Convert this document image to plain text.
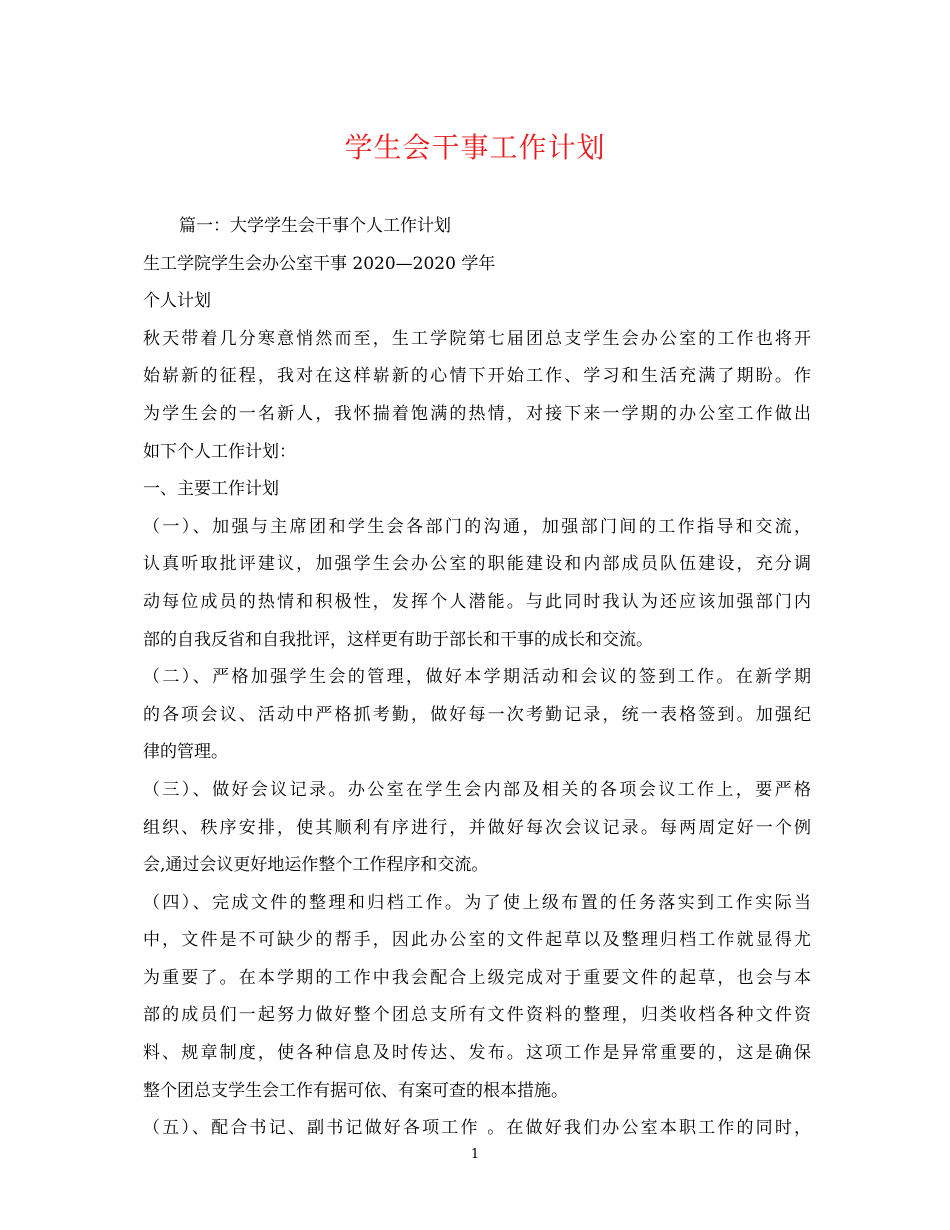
学生会干事工作计划
篇一：大学学生会干事个人工作计划
生工学院学生会办公室干事 2020—2020 学年
个人计划
秋天带着几分寒意悄然而至，生工学院第七届团总支学生会办公室的工作也将开
始崭新的征程，我对在这样崭新的心情下开始工作、学习和生活充满了期盼。作
为学生会的一名新人，我怀揣着饱满的热情，对接下来一学期的办公室工作做出
如下个人工作计划：
一、主要工作计划
（一）、加强与主席团和学生会各部门的沟通，加强部门间的工作指导和交流，
认真听取批评建议，加强学生会办公室的职能建设和内部成员队伍建设，充分调
动每位成员的热情和积极性，发挥个人潜能。与此同时我认为还应该加强部门内
部的自我反省和自我批评，这样更有助于部长和干事的成长和交流。
（二）、严格加强学生会的管理，做好本学期活动和会议的签到工作。在新学期
的各项会议、活动中严格抓考勤，做好每一次考勤记录，统一表格签到。加强纪
律的管理。
（三）、做好会议记录。办公室在学生会内部及相关的各项会议工作上，要严格
组织、秩序安排，使其顺利有序进行，并做好每次会议记录。每两周定好一个例
会,通过会议更好地运作整个工作程序和交流。
（四）、完成文件的整理和归档工作。为了使上级布置的任务落实到工作实际当
中，文件是不可缺少的帮手，因此办公室的文件起草以及整理归档工作就显得尤
为重要了。在本学期的工作中我会配合上级完成对于重要文件的起草，也会与本
部的成员们一起努力做好整个团总支所有文件资料的整理，归类收档各种文件资
料、规章制度，使各种信息及时传达、发布。这项工作是异常重要的，这是确保
整个团总支学生会工作有据可依、有案可查的根本措施。
（五）、配合书记、副书记做好各项工作 。在做好我们办公室本职工作的同时，
1
